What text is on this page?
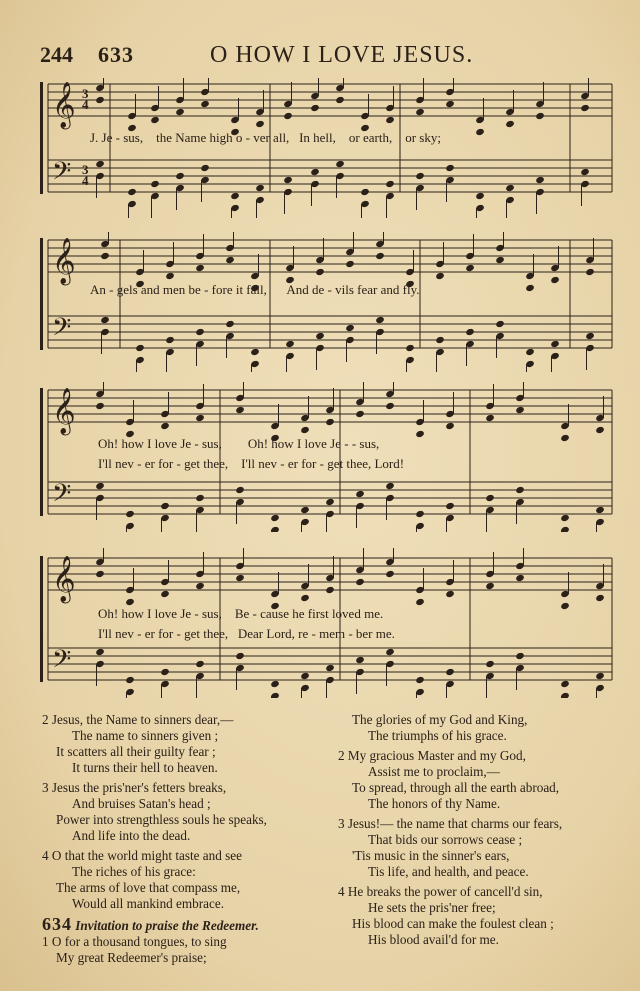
244 633	O HOW I LOVE JESUS.
𝄞
𝄢
3
4
3
4
J. Je - sus, the Name high o - ver all, In hell, or earth, or sky;
𝄞
𝄢
An - gels and men be - fore it fall, And de - vils fear and fly.
𝄞
𝄢
Oh! how I love Je - sus, Oh! how I love Je - - sus,
I'll nev - er for - get thee, I'll nev - er for - get thee, Lord!
𝄞
𝄢
Oh! how I love Je - sus, Be - cause he first loved me.
I'll nev - er for - get thee, Dear Lord, re - mem - ber me.
2 Jesus, the Name to sinners dear,—
The name to sinners given ;
It scatters all their guilty fear ;
It turns their hell to heaven.
3 Jesus the pris'ner's fetters breaks,
And bruises Satan's head ;
Power into strengthless souls he speaks,
And life into the dead.
4 O that the world might taste and see
The riches of his grace:
The arms of love that compass me,
Would all mankind embrace.
634 Invitation to praise the Redeemer.
1 O for a thousand tongues, to sing
My great Redeemer's praise;
The glories of my God and King,
The triumphs of his grace.
2 My gracious Master and my God,
Assist me to proclaim,—
To spread, through all the earth abroad,
The honors of thy Name.
3 Jesus!— the name that charms our fears,
That bids our sorrows cease ;
'Tis music in the sinner's ears,
Tis life, and health, and peace.
4 He breaks the power of cancell'd sin,
He sets the pris'ner free;
His blood can make the foulest clean ;
His blood avail'd for me.
